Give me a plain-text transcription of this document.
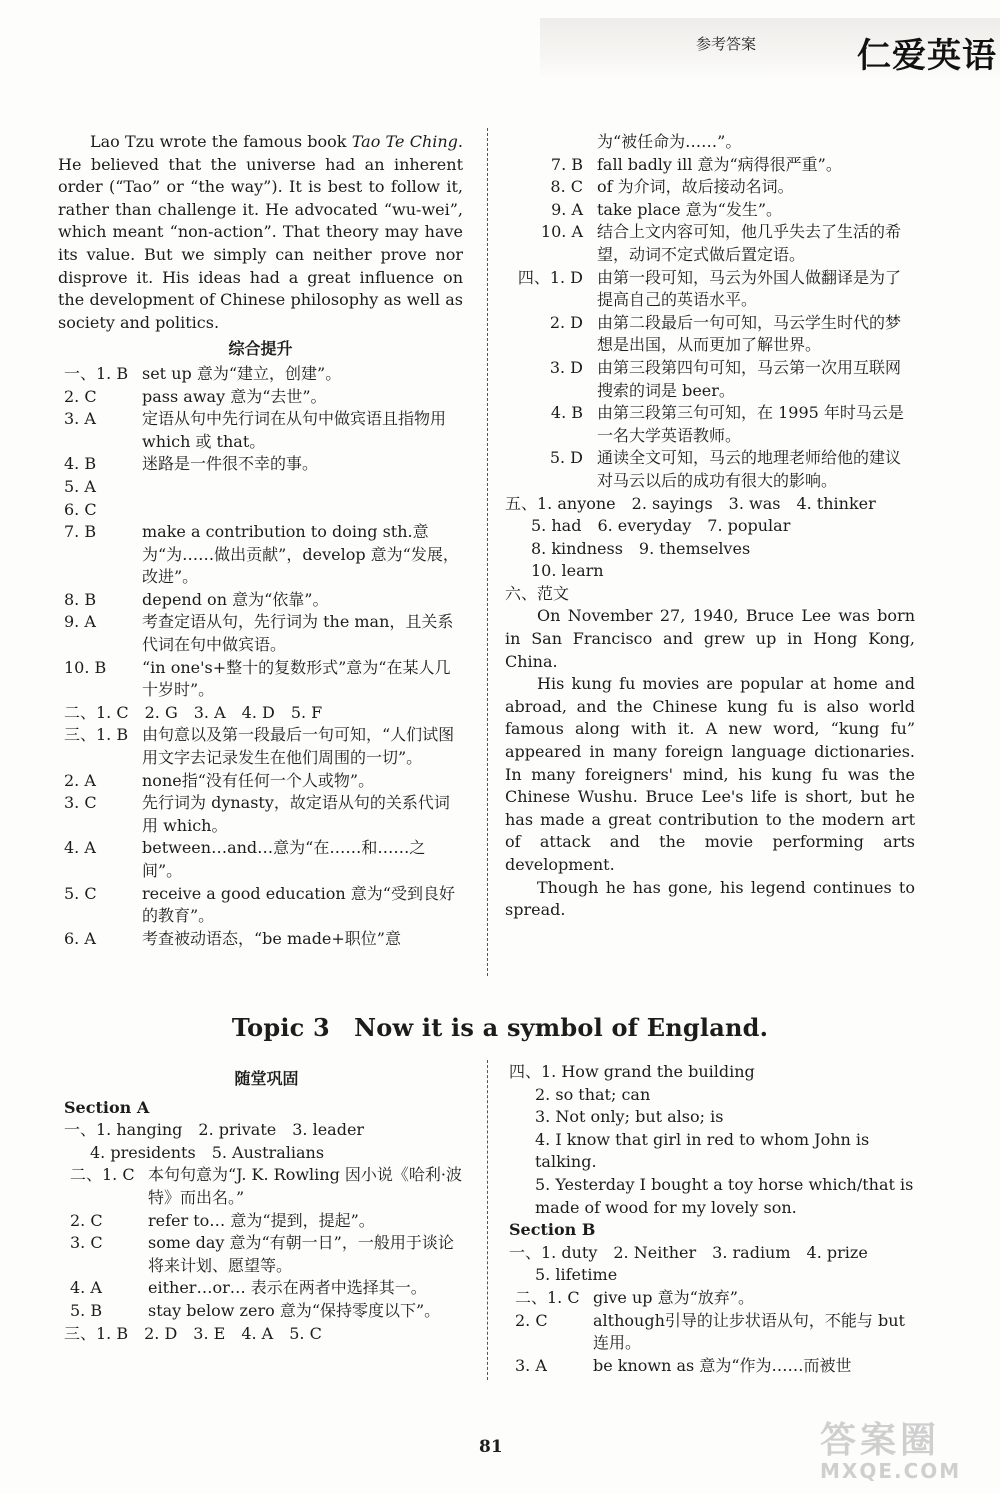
参考答案	仁爱英语

Lao Tzu wrote the famous book Tao Te Ching. He believed that the universe had an inherent order (“Tao” or “the way”). It is best to follow it, rather than challenge it. He advocated “wu-wei”, which meant “non-action”. That theory may have its value. But we simply can neither prove nor disprove it. His ideas had a great influence on the development of Chinese philosophy as well as society and politics.

综合提升

一、1. B set up 意为“建立，创建”。
2. C	pass away 意为“去世”。
3. A	定语从句中先行词在从句中做宾语且指物用 which 或 that。
4. B	迷路是一件很不幸的事。
5. A
6. C
7. B	make a contribution to doing sth.意为“为……做出贡献”，develop 意为“发展，改进”。
8. B	depend on 意为“依靠”。
9. A	考查定语从句，先行词为 the man，且关系代词在句中做宾语。
10. B	“in one's+整十的复数形式”意为“在某人几十岁时”。

二、1. C　2. G　3. A　4. D　5. F

三、1. B 由句意以及第一段最后一句可知，“人们试图用文字去记录发生在他们周围的一切”。
2. A	none指“没有任何一个人或物”。
3. C	先行词为 dynasty，故定语从句的关系代词用 which。
4. A	between…and…意为“在……和……之间”。
5. C	receive a good education 意为“受到良好的教育”。
6. A	考查被动语态，“be made+职位”意

为“被任命为……”。

7. B fall badly ill 意为“病得很严重”。
8. C of 为介词，故后接动名词。
9. A take place 意为“发生”。
10. A 结合上文内容可知，他几乎失去了生活的希望，动词不定式做后置定语。
四、1. D 由第一段可知，马云为外国人做翻译是为了提高自己的英语水平。
2. D 由第二段最后一句可知，马云学生时代的梦想是出国，从而更加了解世界。
3. D 由第三段第四句可知，马云第一次用互联网搜索的词是 beer。
4. B 由第三段第三句可知，在 1995 年时马云是一名大学英语教师。
5. D 通读全文可知，马云的地理老师给他的建议对马云以后的成功有很大的影响。

五、1. anyone　2. sayings　3. was　4. thinker

5. had　6. everyday　7. popular

8. kindness　9. themselves

10. learn

六、范文

On November 27, 1940, Bruce Lee was born in San Francisco and grew up in Hong Kong, China.

His kung fu movies are popular at home and abroad, and the Chinese kung fu is also world famous along with it. A new word, “kung fu” appeared in many foreign language dictionaries. In many foreigners' mind, his kung fu was the Chinese Wushu. Bruce Lee's life is short, but he has made a great contribution to the modern art of attack and the movie performing arts development.

Though he has gone, his legend continues to spread.

Topic 3　Now it is a symbol of England.

随堂巩固

Section A

一、1. hanging　2. private　3. leader

4. presidents　5. Australians

二、1. C 本句句意为“J. K. Rowling 因小说《哈利·波特》而出名。”
2. C	refer to… 意为“提到，提起”。
3. C	some day 意为“有朝一日”，一般用于谈论将来计划、愿望等。
4. A	either…or… 表示在两者中选择其一。
5. B	stay below zero 意为“保持零度以下”。

三、1. B　2. D　3. E　4. A　5. C

四、1. How grand the building

2. so that; can

3. Not only; but also; is

4. I know that girl in red to whom John is talking.

5. Yesterday I bought a toy horse which/that is made of wood for my lovely son.

Section B

一、1. duty　2. Neither　3. radium　4. prize

5. lifetime

二、1. C give up 意为“放弃”。
2. C	although引导的让步状语从句，不能与 but 连用。
3. A	be known as 意为“作为……而被世
81	答案圈
MXQE.COM
